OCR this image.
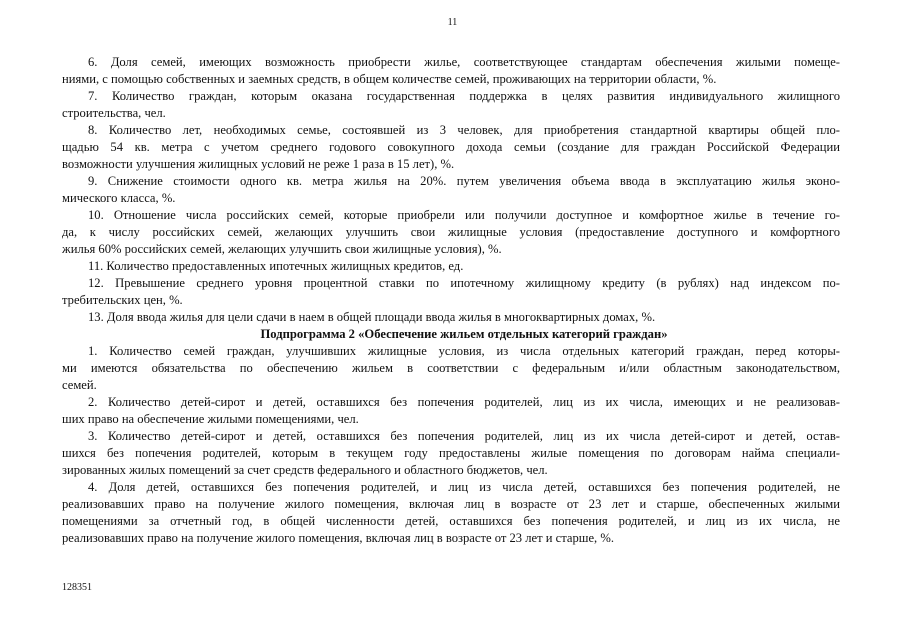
11
6. Доля семей, имеющих возможность приобрести жилье, соответствующее стандартам обеспечения жилыми помеще-
ниями, с помощью собственных и заемных средств, в общем количестве семей, проживающих на территории области, %.
7. Количество граждан, которым оказана государственная поддержка в целях развития индивидуального жилищного
строительства, чел.
8. Количество лет, необходимых семье, состоявшей из 3 человек, для приобретения стандартной квартиры общей пло-
щадью 54 кв. метра с учетом среднего годового совокупного дохода семьи (создание для граждан Российской Федерации
возможности улучшения жилищных условий не реже 1 раза в 15 лет), %.
9. Снижение стоимости одного кв. метра жилья на 20%. путем увеличения объема ввода в эксплуатацию жилья эконо-
мического класса, %.
10. Отношение числа российских семей, которые приобрели или получили доступное и комфортное жилье в течение го-
да, к числу российских семей, желающих улучшить свои жилищные условия (предоставление доступного и комфортного
жилья 60% российских семей, желающих улучшить свои жилищные условия), %.
11. Количество предоставленных ипотечных жилищных кредитов, ед.
12. Превышение среднего уровня процентной ставки по ипотечному жилищному кредиту (в рублях) над индексом по-
требительских цен, %.
13. Доля ввода жилья для цели сдачи в наем в общей площади ввода жилья в многоквартирных домах, %.
Подпрограмма 2 «Обеспечение жильем отдельных категорий граждан»
1. Количество семей граждан, улучшивших жилищные условия, из числа отдельных категорий граждан, перед которы-
ми имеются обязательства по обеспечению жильем в соответствии с федеральным и/или областным законодательством,
семей.
2. Количество детей-сирот и детей, оставшихся без попечения родителей, лиц из их числа, имеющих и не реализовав-
ших право на обеспечение жилыми помещениями, чел.
3. Количество детей-сирот и детей, оставшихся без попечения родителей, лиц из их числа детей-сирот и детей, остав-
шихся без попечения родителей, которым в текущем году предоставлены жилые помещения по договорам найма специали-
зированных жилых помещений за счет средств федерального и областного бюджетов, чел.
4. Доля детей, оставшихся без попечения родителей, и лиц из числа детей, оставшихся без попечения родителей, не
реализовавших право на получение жилого помещения, включая лиц в возрасте от 23 лет и старше, обеспеченных жилыми
помещениями за отчетный год, в общей численности детей, оставшихся без попечения родителей, и лиц из их числа, не
реализовавших право на получение жилого помещения, включая лиц в возрасте от 23 лет и старше, %.
128351
